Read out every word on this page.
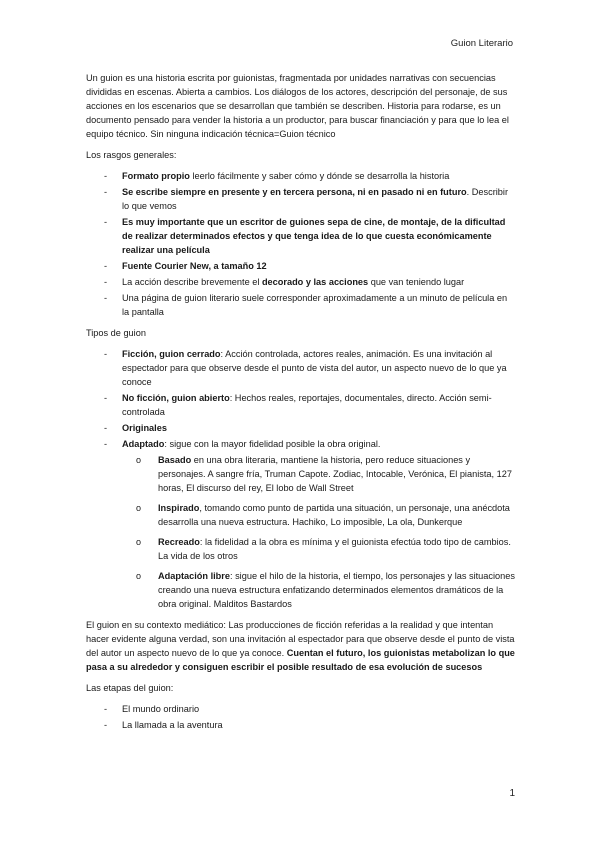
Guion Literario

Un guion es una historia escrita por guionistas, fragmentada por unidades narrativas con secuencias divididas en escenas. Abierta a cambios. Los diálogos de los actores, descripción del personaje, de sus acciones en los escenarios que se desarrollan que también se describen. Historia para rodarse, es un documento pensado para vender la historia a un productor, para buscar financiación y para que lo lea el equipo técnico. Sin ninguna indicación técnica=Guion técnico

Los rasgos generales:

-	Formato propio leerlo fácilmente y saber cómo y dónde se desarrolla la historia
-	Se escribe siempre en presente y en tercera persona, ni en pasado ni en futuro. Describir lo que vemos
-	Es muy importante que un escritor de guiones sepa de cine, de montaje, de la dificultad de realizar determinados efectos y que tenga idea de lo que cuesta económicamente realizar una película
-	Fuente Courier New, a tamaño 12
-	La acción describe brevemente el decorado y las acciones que van teniendo lugar
-	Una página de guion literario suele corresponder aproximadamente a un minuto de película en la pantalla

Tipos de guion

-	Ficción, guion cerrado: Acción controlada, actores reales, animación. Es una invitación al espectador para que observe desde el punto de vista del autor, un aspecto nuevo de lo que ya conoce
-	No ficción, guion abierto: Hechos reales, reportajes, documentales, directo. Acción semi-controlada
-	Originales
-	Adaptado: sigue con la mayor fidelidad posible la obra original.
o Basado en una obra literaria, mantiene la historia, pero reduce situaciones y personajes. A sangre fría, Truman Capote. Zodiac, Intocable, Verónica, El pianista, 127 horas, El discurso del rey, El lobo de Wall Street
o Inspirado, tomando como punto de partida una situación, un personaje, una anécdota desarrolla una nueva estructura. Hachiko, Lo imposible, La ola, Dunkerque
o Recreado: la fidelidad a la obra es mínima y el guionista efectúa todo tipo de cambios. La vida de los otros
o Adaptación libre: sigue el hilo de la historia, el tiempo, los personajes y las situaciones creando una nueva estructura enfatizando determinados elementos dramáticos de la obra original. Malditos Bastardos

El guion en su contexto mediático: Las producciones de ficción referidas a la realidad y que intentan hacer evidente alguna verdad, son una invitación al espectador para que observe desde el punto de vista del autor un aspecto nuevo de lo que ya conoce. Cuentan el futuro, los guionistas metabolizan lo que pasa a su alrededor y consiguen escribir el posible resultado de esa evolución de sucesos

Las etapas del guion:

-	El mundo ordinario
-	La llamada a la aventura
1
